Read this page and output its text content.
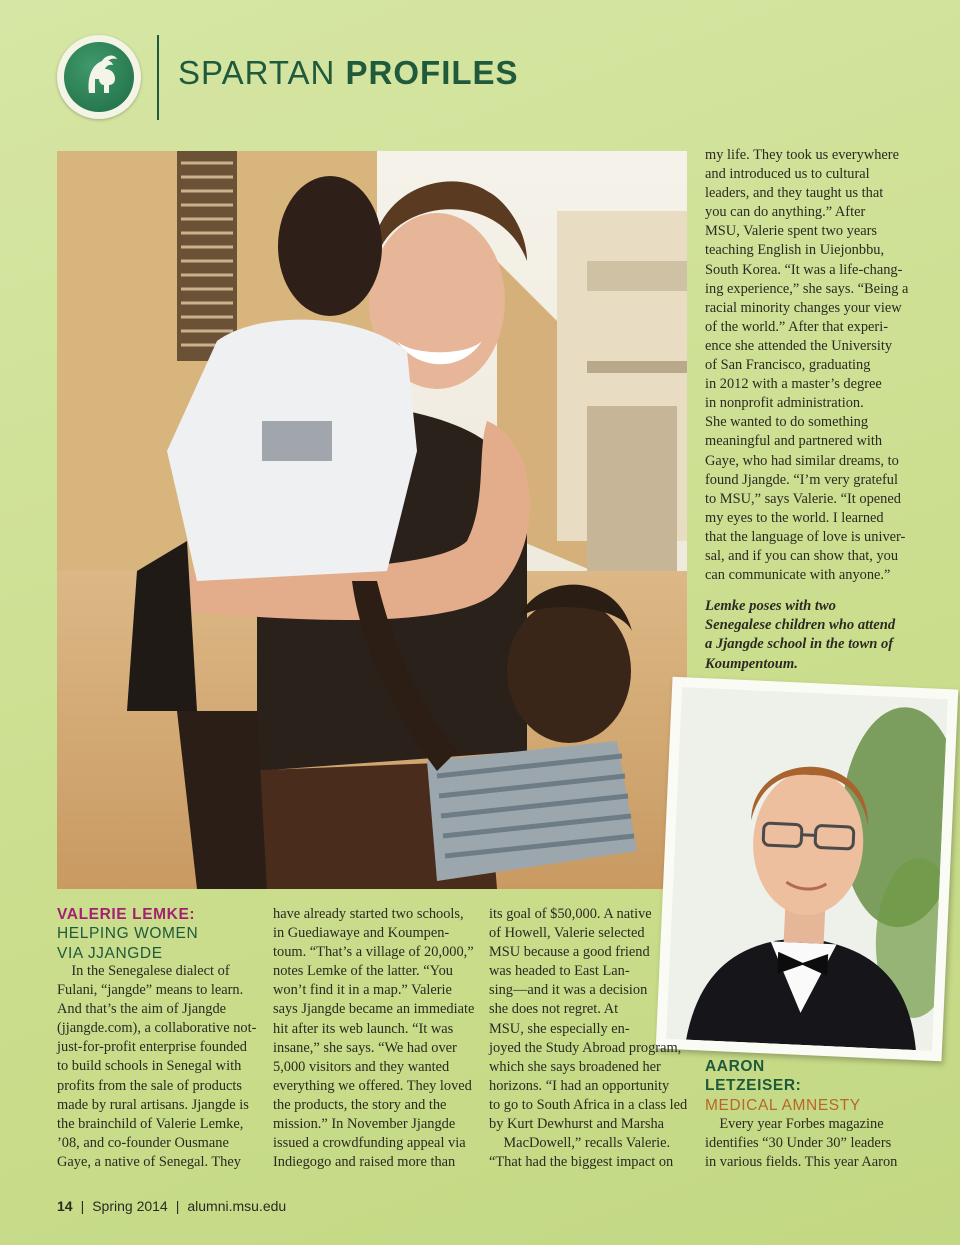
SPARTAN PROFILES
Lemke poses with two
Senegalese children who attend
a Jjangde school in the town of
Koumpentoum.
VALERIE LEMKE:
HELPING WOMEN
VIA JJANGDE
 In the Senegalese dialect of
Fulani, “jangde” means to learn.
And that’s the aim of Jjangde
(jjangde.com), a collaborative not-
just-for-profit enterprise founded
to build schools in Senegal with
profits from the sale of products
made by rural artisans. Jjangde is
the brainchild of Valerie Lemke,
’08, and co-founder Ousmane
Gaye, a native of Senegal. They
have already started two schools,
in Guediawaye and Koumpen-
toum. “That’s a village of 20,000,”
notes Lemke of the latter. “You
won’t find it in a map.” Valerie
says Jjangde became an immediate
hit after its web launch. “It was
insane,” she says. “We had over
5,000 visitors and they wanted
everything we offered. They loved
the products, the story and the
mission.” In November Jjangde
issued a crowdfunding appeal via
Indiegogo and raised more than
its goal of $50,000. A native
of Howell, Valerie selected
MSU because a good friend
was headed to East Lan-
sing—and it was a decision
she does not regret. At
MSU, she especially en-
joyed the Study Abroad program,
which she says broadened her
horizons. “I had an opportunity
to go to South Africa in a class led
by Kurt Dewhurst and Marsha
 MacDowell,” recalls Valerie.
“That had the biggest impact on
my life. They took us everywhere
and introduced us to cultural
leaders, and they taught us that
you can do anything.” After
MSU, Valerie spent two years
teaching English in Uiejonbbu,
South Korea. “It was a life-chang-
ing experience,” she says. “Being a
racial minority changes your view
of the world.” After that experi-
ence she attended the University
of San Francisco, graduating
in 2012 with a master’s degree
in nonprofit administration.
She wanted to do something
meaningful and partnered with
Gaye, who had similar dreams, to
found Jjangde. “I’m very grateful
to MSU,” says Valerie. “It opened
my eyes to the world. I learned
that the language of love is univer-
sal, and if you can show that, you
can communicate with anyone.”
AARON
LETZEISER:
MEDICAL AMNESTY
 Every year Forbes magazine
identifies “30 Under 30” leaders
in various fields. This year Aaron
14 | Spring 2014 | alumni.msu.edu
